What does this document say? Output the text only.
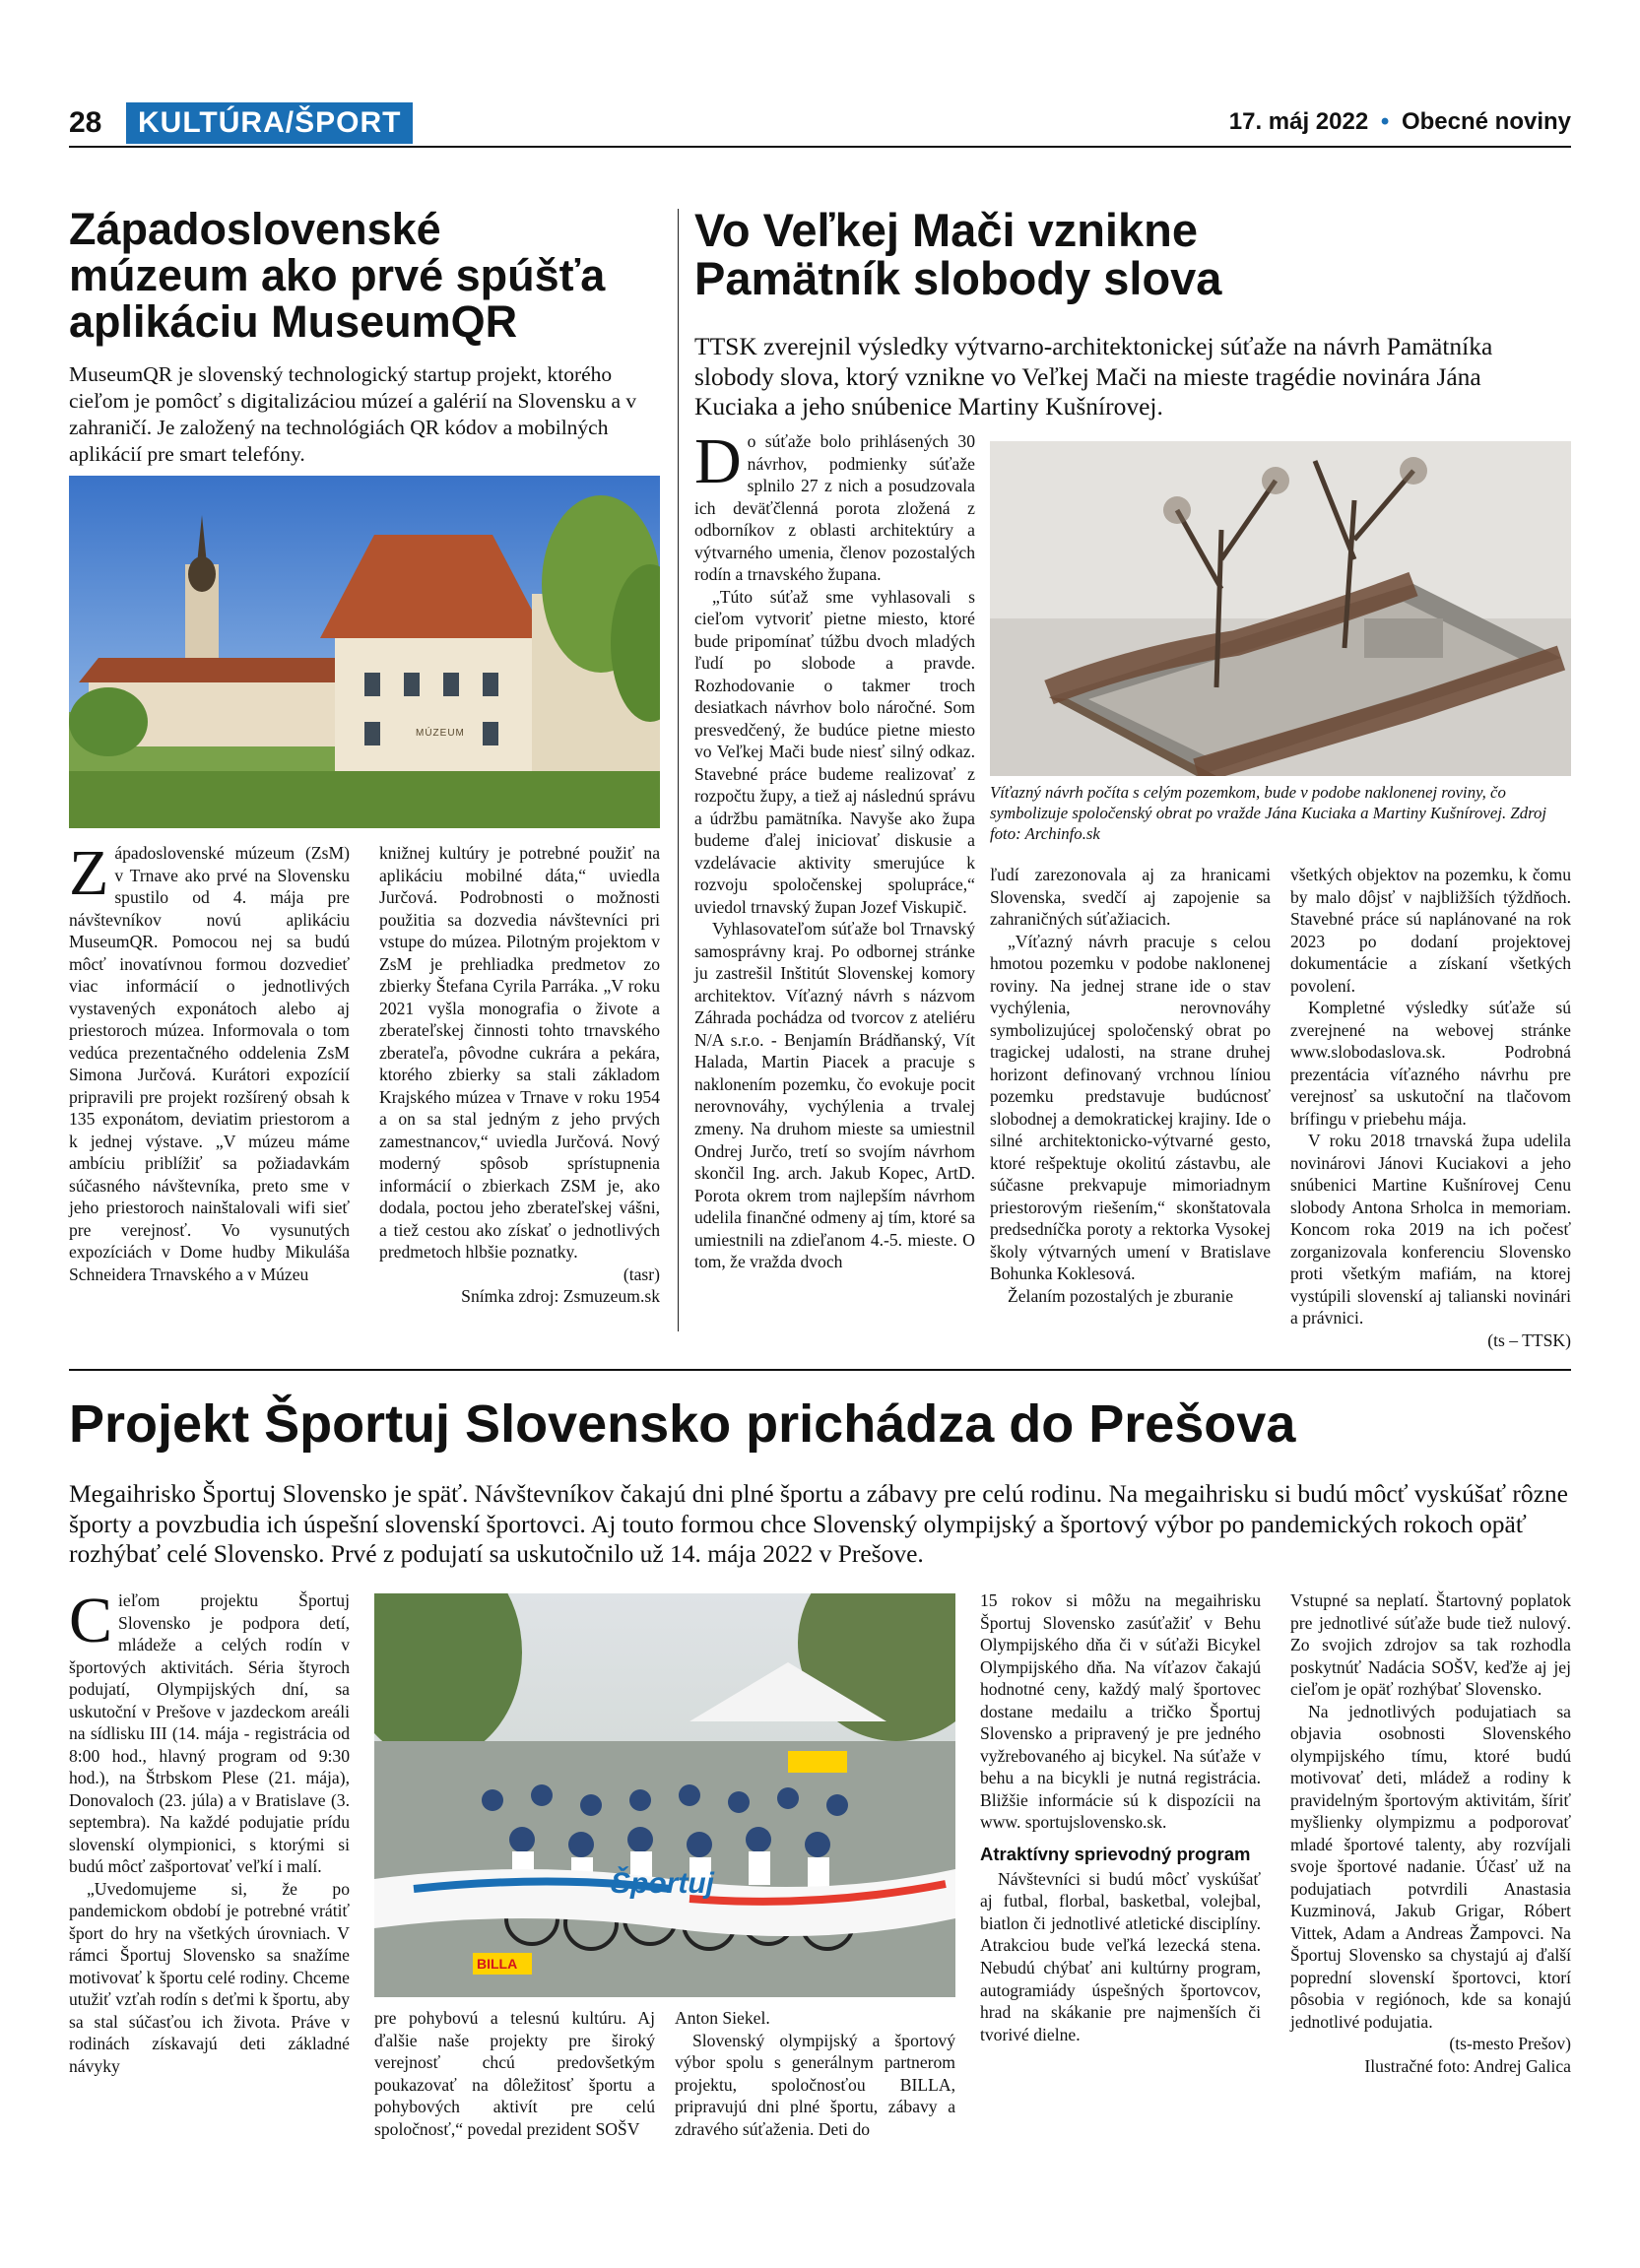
28	KULTÚRA/ŠPORT	17. máj 2022 • Obecné noviny
Západoslovenské
múzeum ako prvé spúšťa
aplikáciu MuseumQR
MuseumQR je slovenský technologický startup projekt, ktorého cieľom je pomôcť s digitalizáciou múzeí a galérií na Slovensku a v zahraničí. Je založený na technológiách QR kódov a mobilných aplikácií pre smart telefóny.
MÚZEUM

Západoslovenské múzeum (ZsM) v Trnave ako prvé na Slovensku spustilo od 4. mája pre návštevníkov novú aplikáciu MuseumQR. Pomocou nej sa budú môcť inovatívnou formou dozvedieť viac informácií o jednotlivých vystavených exponátoch alebo aj priestoroch múzea. Informovala o tom vedúca prezentačného oddelenia ZsM Simona Jurčová. Kurátori expozícií pripravili pre projekt rozšírený obsah k 135 exponátom, deviatim priestorom a k jednej výstave. „V múzeu máme ambíciu priblížiť sa požiadavkám súčasného návštevníka, preto sme v jeho priestoroch nainštalovali wifi sieť pre verejnosť. Vo vysunutých expozíciách v Dome hudby Mikuláša Schneidera Trnavského a v Múzeu

knižnej kultúry je potrebné použiť na aplikáciu mobilné dáta,“ uviedla Jurčová. Podrobnosti o možnosti použitia sa dozvedia návštevníci pri vstupe do múzea. Pilotným projektom v ZsM je prehliadka predmetov zo zbierky Štefana Cyrila Parráka. „V roku 2021 vyšla monografia o živote a zberateľskej činnosti tohto trnavského zberateľa, pôvodne cukrára a pekára, ktorého zbierky sa stali základom Krajského múzea v Trnave v roku 1954 a on sa stal jedným z jeho prvých zamestnancov,“ uviedla Jurčová. Nový moderný spôsob sprístupnenia informácií o zbierkach ZSM je, ako dodala, poctou jeho zberateľskej vášni, a tiež cestou ako získať o jednotlivých predmetoch hlbšie poznatky.

(tasr)

Snímka zdroj: Zsmuzeum.sk

Vo Veľkej Mači vznikne
Pamätník slobody slova
TTSK zverejnil výsledky výtvarno-architektonickej súťaže na návrh Pamätníka slobody slova, ktorý vznikne vo Veľkej Mači na mieste tragédie novinára Jána Kuciaka a jeho snúbenice Martiny Kušnírovej.

Do súťaže bolo prihlásených 30 návrhov, podmienky súťaže splnilo 27 z nich a posudzovala ich deväťčlenná porota zložená z odborníkov z oblasti architektúry a výtvarného umenia, členov pozostalých rodín a trnavského župana.

„Túto súťaž sme vyhlasovali s cieľom vytvoriť pietne miesto, ktoré bude pripomínať túžbu dvoch mladých ľudí po slobode a pravde. Rozhodovanie o takmer troch desiatkach návrhov bolo náročné. Som presvedčený, že budúce pietne miesto vo Veľkej Mači bude niesť silný odkaz. Stavebné práce budeme realizovať z rozpočtu župy, a tiež aj následnú správu a údržbu pamätníka. Navyše ako župa budeme ďalej iniciovať diskusie a vzdelávacie aktivity smerujúce k rozvoju spoločenskej spolupráce,“ uviedol trnavský župan Jozef Viskupič.

Vyhlasovateľom súťaže bol Trnavský samosprávny kraj. Po odbornej stránke ju zastrešil Inštitút Slovenskej komory architektov. Víťazný návrh s názvom Záhrada pochádza od tvorcov z ateliéru N/A s.r.o. - Benjamín Brádňanský, Vít Halada, Martin Piacek a pracuje s naklonením pozemku, čo evokuje pocit nerovnováhy, vychýlenia a trvalej zmeny. Na druhom mieste sa umiestnil Ondrej Jurčo, tretí so svojím návrhom skončil Ing. arch. Jakub Kopec, ArtD. Porota okrem trom najlepším návrhom udelila finančné odmeny aj tím, ktoré sa umiestnili na zdieľanom 4.-5. mieste. O tom, že vražda dvoch

Víťazný návrh počíta s celým pozemkom, bude v podobe naklonenej roviny, čo symbolizuje spoločenský obrat po vražde Jána Kuciaka a Martiny Kušnírovej. Zdroj foto: Archinfo.sk

ľudí zarezonovala aj za hranicami Slovenska, svedčí aj zapojenie sa zahraničných súťažiacich.

„Víťazný návrh pracuje s celou hmotou pozemku v podobe naklonenej roviny. Na jednej strane ide o stav vychýlenia, nerovnováhy symbolizujúcej spoločenský obrat po tragickej udalosti, na strane druhej horizont definovaný vrchnou líniou pozemku predstavuje budúcnosť slobodnej a demokratickej krajiny. Ide o silné architektonicko-výtvarné gesto, ktoré rešpektuje okolitú zástavbu, ale súčasne prekvapuje mimoriadnym priestorovým riešením,“ skonštatovala predsedníčka poroty a rektorka Vysokej školy výtvarných umení v Bratislave Bohunka Koklesová.

Želaním pozostalých je zburanie

všetkých objektov na pozemku, k čomu by malo dôjsť v najbližších týždňoch. Stavebné práce sú naplánované na rok 2023 po dodaní projektovej dokumentácie a získaní všetkých povolení.

Kompletné výsledky súťaže sú zverejnené na webovej stránke www.slobodaslova.sk. Podrobná prezentácia víťazného návrhu pre verejnosť sa uskutoční na tlačovom brífingu v priebehu mája.

V roku 2018 trnavská župa udelila novinárovi Jánovi Kuciakovi a jeho snúbenici Martine Kušnírovej Cenu slobody Antona Srholca in memoriam. Koncom roka 2019 na ich počesť zorganizovala konferenciu Slovensko proti všetkým mafiám, na ktorej vystúpili slovenskí aj talianski novinári a právnici.

(ts – TTSK)

Projekt Športuj Slovensko prichádza do Prešova
Megaihrisko Športuj Slovensko je späť. Návštevníkov čakajú dni plné športu a zábavy pre celú rodinu. Na megaihrisku si budú môcť vyskúšať rôzne športy a povzbudia ich úspešní slovenskí športovci. Aj touto formou chce Slovenský olympijský a športový výbor po pandemických rokoch opäť rozhýbať celé Slovensko. Prvé z podujatí sa uskutočnilo už 14. mája 2022 v Prešove.

Cieľom projektu Športuj Slovensko je podpora detí, mládeže a celých rodín v športových aktivitách. Séria štyroch podujatí, Olympijských dní, sa uskutoční v Prešove v jazdeckom areáli na sídlisku III (14. mája - registrácia od 8:00 hod., hlavný program od 9:30 hod.), na Štrbskom Plese (21. mája), Donovaloch (23. júla) a v Bratislave (3. septembra). Na každé podujatie prídu slovenskí olympionici, s ktorými si budú môcť zašportovať veľkí i malí.

„Uvedomujeme si, že po pandemickom období je potrebné vrátiť šport do hry na všetkých úrovniach. V rámci Športuj Slovensko sa snažíme motivovať k športu celé rodiny. Chceme utužiť vzťah rodín s deťmi k športu, aby sa stal súčasťou ich života. Práve v rodinách získavajú deti základné návyky

Športuj
BILLA

pre pohybovú a telesnú kultúru. Aj ďalšie naše projekty pre široký verejnosť chcú predovšetkým poukazovať na dôležitosť športu a pohybových aktivít pre celú spoločnosť,“ povedal prezident SOŠV

Anton Siekel.

Slovenský olympijský a športový výbor spolu s generálnym partnerom projektu, spoločnosťou BILLA, pripravujú dni plné športu, zábavy a zdravého súťaženia. Deti do

15 rokov si môžu na megaihrisku Športuj Slovensko zasúťažiť v Behu Olympijského dňa či v súťaži Bicykel Olympijského dňa. Na víťazov čakajú hodnotné ceny, každý malý športovec dostane medailu a tričko Športuj Slovensko a pripravený je pre jedného vyžrebovaného aj bicykel. Na súťaže v behu a na bicykli je nutná registrácia. Bližšie informácie sú k dispozícii na www. sportujslovensko.sk.

Atraktívny sprievodný program

Návštevníci si budú môcť vyskúšať aj futbal, florbal, basketbal, volejbal, biatlon či jednotlivé atletické disciplíny. Atrakciou bude veľká lezecká stena. Nebudú chýbať ani kultúrny program, autogramiády úspešných športovcov, hrad na skákanie pre najmenších či tvorivé dielne.

Vstupné sa neplatí. Štartovný poplatok pre jednotlivé súťaže bude tiež nulový. Zo svojich zdrojov sa tak rozhodla poskytnúť Nadácia SOŠV, keďže aj jej cieľom je opäť rozhýbať Slovensko.

Na jednotlivých podujatiach sa objavia osobnosti Slovenského olympijského tímu, ktoré budú motivovať deti, mládež a rodiny k pravidelným športovým aktivitám, šíriť myšlienky olympizmu a podporovať mladé športové talenty, aby rozvíjali svoje športové nadanie. Účasť už na podujatiach potvrdili Anastasia Kuzminová, Jakub Grigar, Róbert Vittek, Adam a Andreas Žampovci. Na Športuj Slovensko sa chystajú aj ďalší poprední slovenskí športovci, ktorí pôsobia v regiónoch, kde sa konajú jednotlivé podujatia.

(ts-mesto Prešov)

Ilustračné foto: Andrej Galica
